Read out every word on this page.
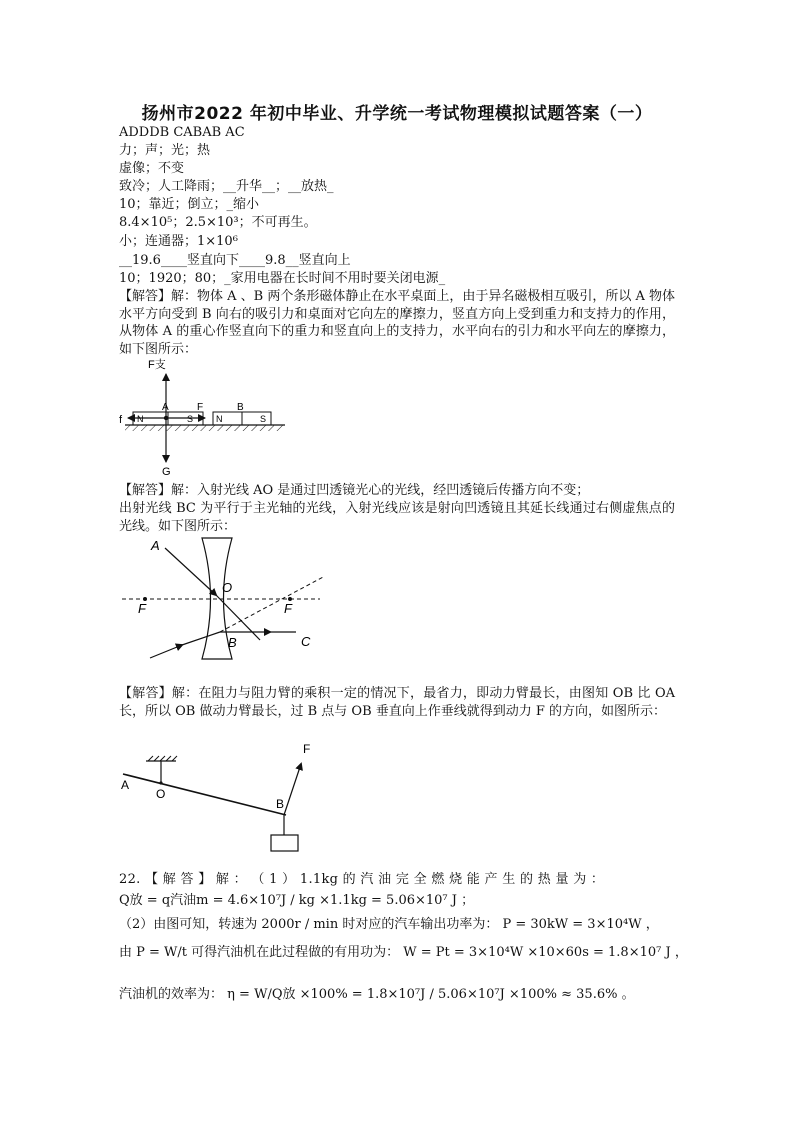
扬州市2022 年初中毕业、升学统一考试物理模拟试题答案（一）
ADDDB CABAB AC
力；声；光；热
虚像；不变
致冷；人工降雨；__升华__；__放热_
10；靠近；倒立；_缩小
8.4×10⁵；2.5×10³；不可再生。
小；连通器；1×10⁶
__19.6____竖直向下____9.8__竖直向上
10；1920；80；_家用电器在长时间不用时要关闭电源_
【解答】解：物体 A 、B 两个条形磁体静止在水平桌面上，由于异名磁极相互吸引，所以 A 物体水平方向受到 B 向右的吸引力和桌面对它向左的摩擦力，竖直方向上受到重力和支持力的作用，从物体 A 的重心作竖直向下的重力和竖直向上的支持力，水平向右的引力和水平向左的摩擦力，如下图所示：
F支
A	F	B
f N	S	N	S
G
【解答】解：入射光线 AO 是通过凹透镜光心的光线，经凹透镜后传播方向不变；
出射光线 BC 为平行于主光轴的光线，入射光线应该是射向凹透镜且其延长线通过右侧虚焦点的光线。如下图所示：
A
O
F	F
B	C
【解答】解：在阻力与阻力臂的乘积一定的情况下，最省力，即动力臂最长，由图知 OB 比 OA 长，所以 OB 做动力臂最长，过 B 点与 OB 垂直向上作垂线就得到动力 F 的方向，如图所示：
A
O
B
F
22. 【 解 答 】 解 ： （ 1 ） 1.1kg 的 汽 油 完 全 燃 烧 能 产 生 的 热 量 为 ：
Q放 = q汽油m = 4.6×10⁷J / kg ×1.1kg = 5.06×10⁷ J ；
（2）由图可知，转速为 2000r / min 时对应的汽车输出功率为： P = 30kW = 3×10⁴W ，
由 P = W/t 可得汽油机在此过程做的有用功为： W = Pt = 3×10⁴W ×10×60s = 1.8×10⁷ J ，
汽油机的效率为： η = W/Q放 ×100% = 1.8×10⁷J / 5.06×10⁷J ×100% ≈ 35.6% 。
